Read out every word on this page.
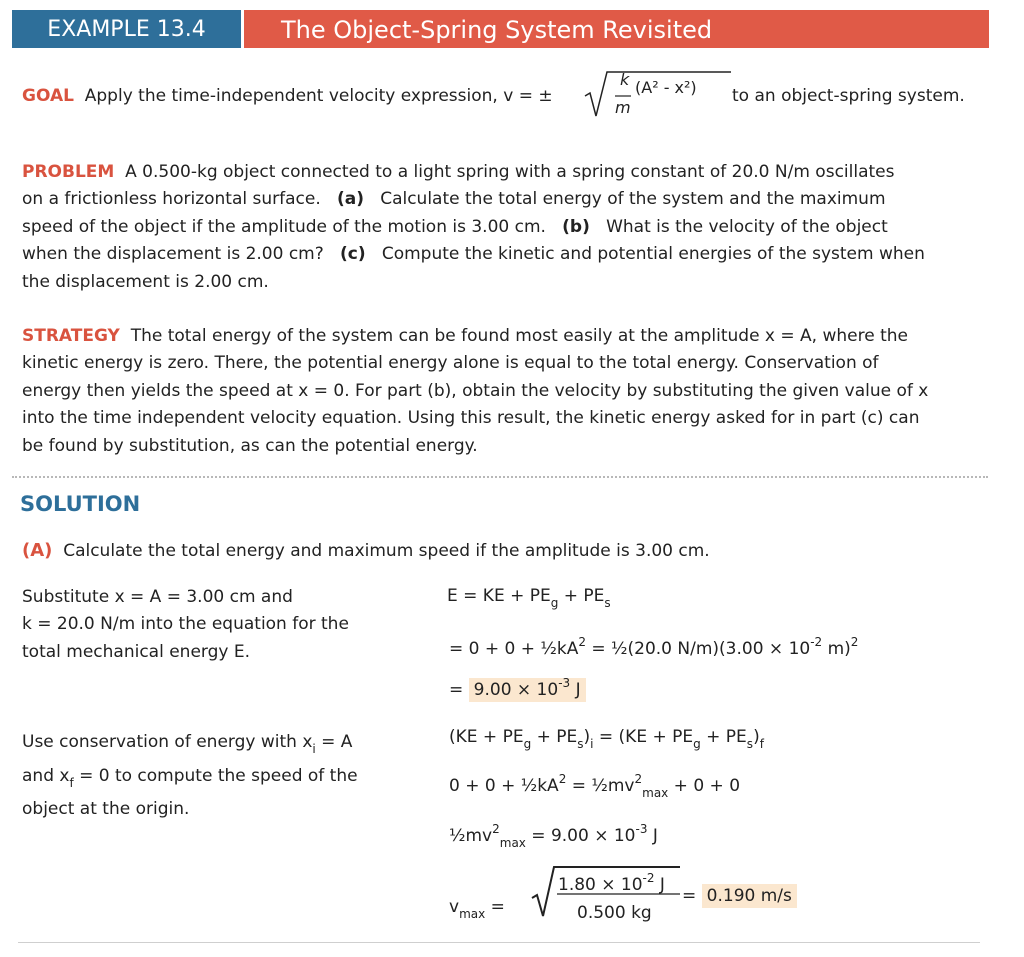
EXAMPLE 13.4	The Object-Spring System Revisited
GOAL Apply the time-independent velocity expression, v = ±
k
m
(A² - x²) to an object-spring system.
PROBLEM A 0.500-kg object connected to a light spring with a spring constant of 20.0 N/m oscillates
on a frictionless horizontal surface. (a) Calculate the total energy of the system and the maximum
speed of the object if the amplitude of the motion is 3.00 cm. (b) What is the velocity of the object
when the displacement is 2.00 cm? (c) Compute the kinetic and potential energies of the system when
the displacement is 2.00 cm.
STRATEGY The total energy of the system can be found most easily at the amplitude x = A, where the
kinetic energy is zero. There, the potential energy alone is equal to the total energy. Conservation of
energy then yields the speed at x = 0. For part (b), obtain the velocity by substituting the given value of x
into the time independent velocity equation. Using this result, the kinetic energy asked for in part (c) can
be found by substitution, as can the potential energy.
SOLUTION
(A) Calculate the total energy and maximum speed if the amplitude is 3.00 cm.
Substitute x = A = 3.00 cm and
k = 20.0 N/m into the equation for the
total mechanical energy E.
E = KE + $PE_g + PE_s$
= $0 + 0 + \frac{1}{2}kA^2$ = ½(20.0 $N/m)(3.00 \times 10^{-2}$ m)$^2$
= $9.00 \times 10^{-3}$ J
Use conservation of energy with $x_i = A$
and $x_f = 0$ to compute the speed of the
object at the origin.
$(KE + PE_g + PE_s)_i = (KE + PE_g + PE_s)_f$
$0 + 0 + \frac{1}{2}kA^2$ = $\frac{1}{2}mv^2_{max} + 0 + 0$
$\frac{1}{2}mv^2_{max} = 9.00 \times 10^{-3}$ J
$v_{max}$ =
$1.80 \times 10^{-2}$ J
0.500 kg
= 0.190 m/s
